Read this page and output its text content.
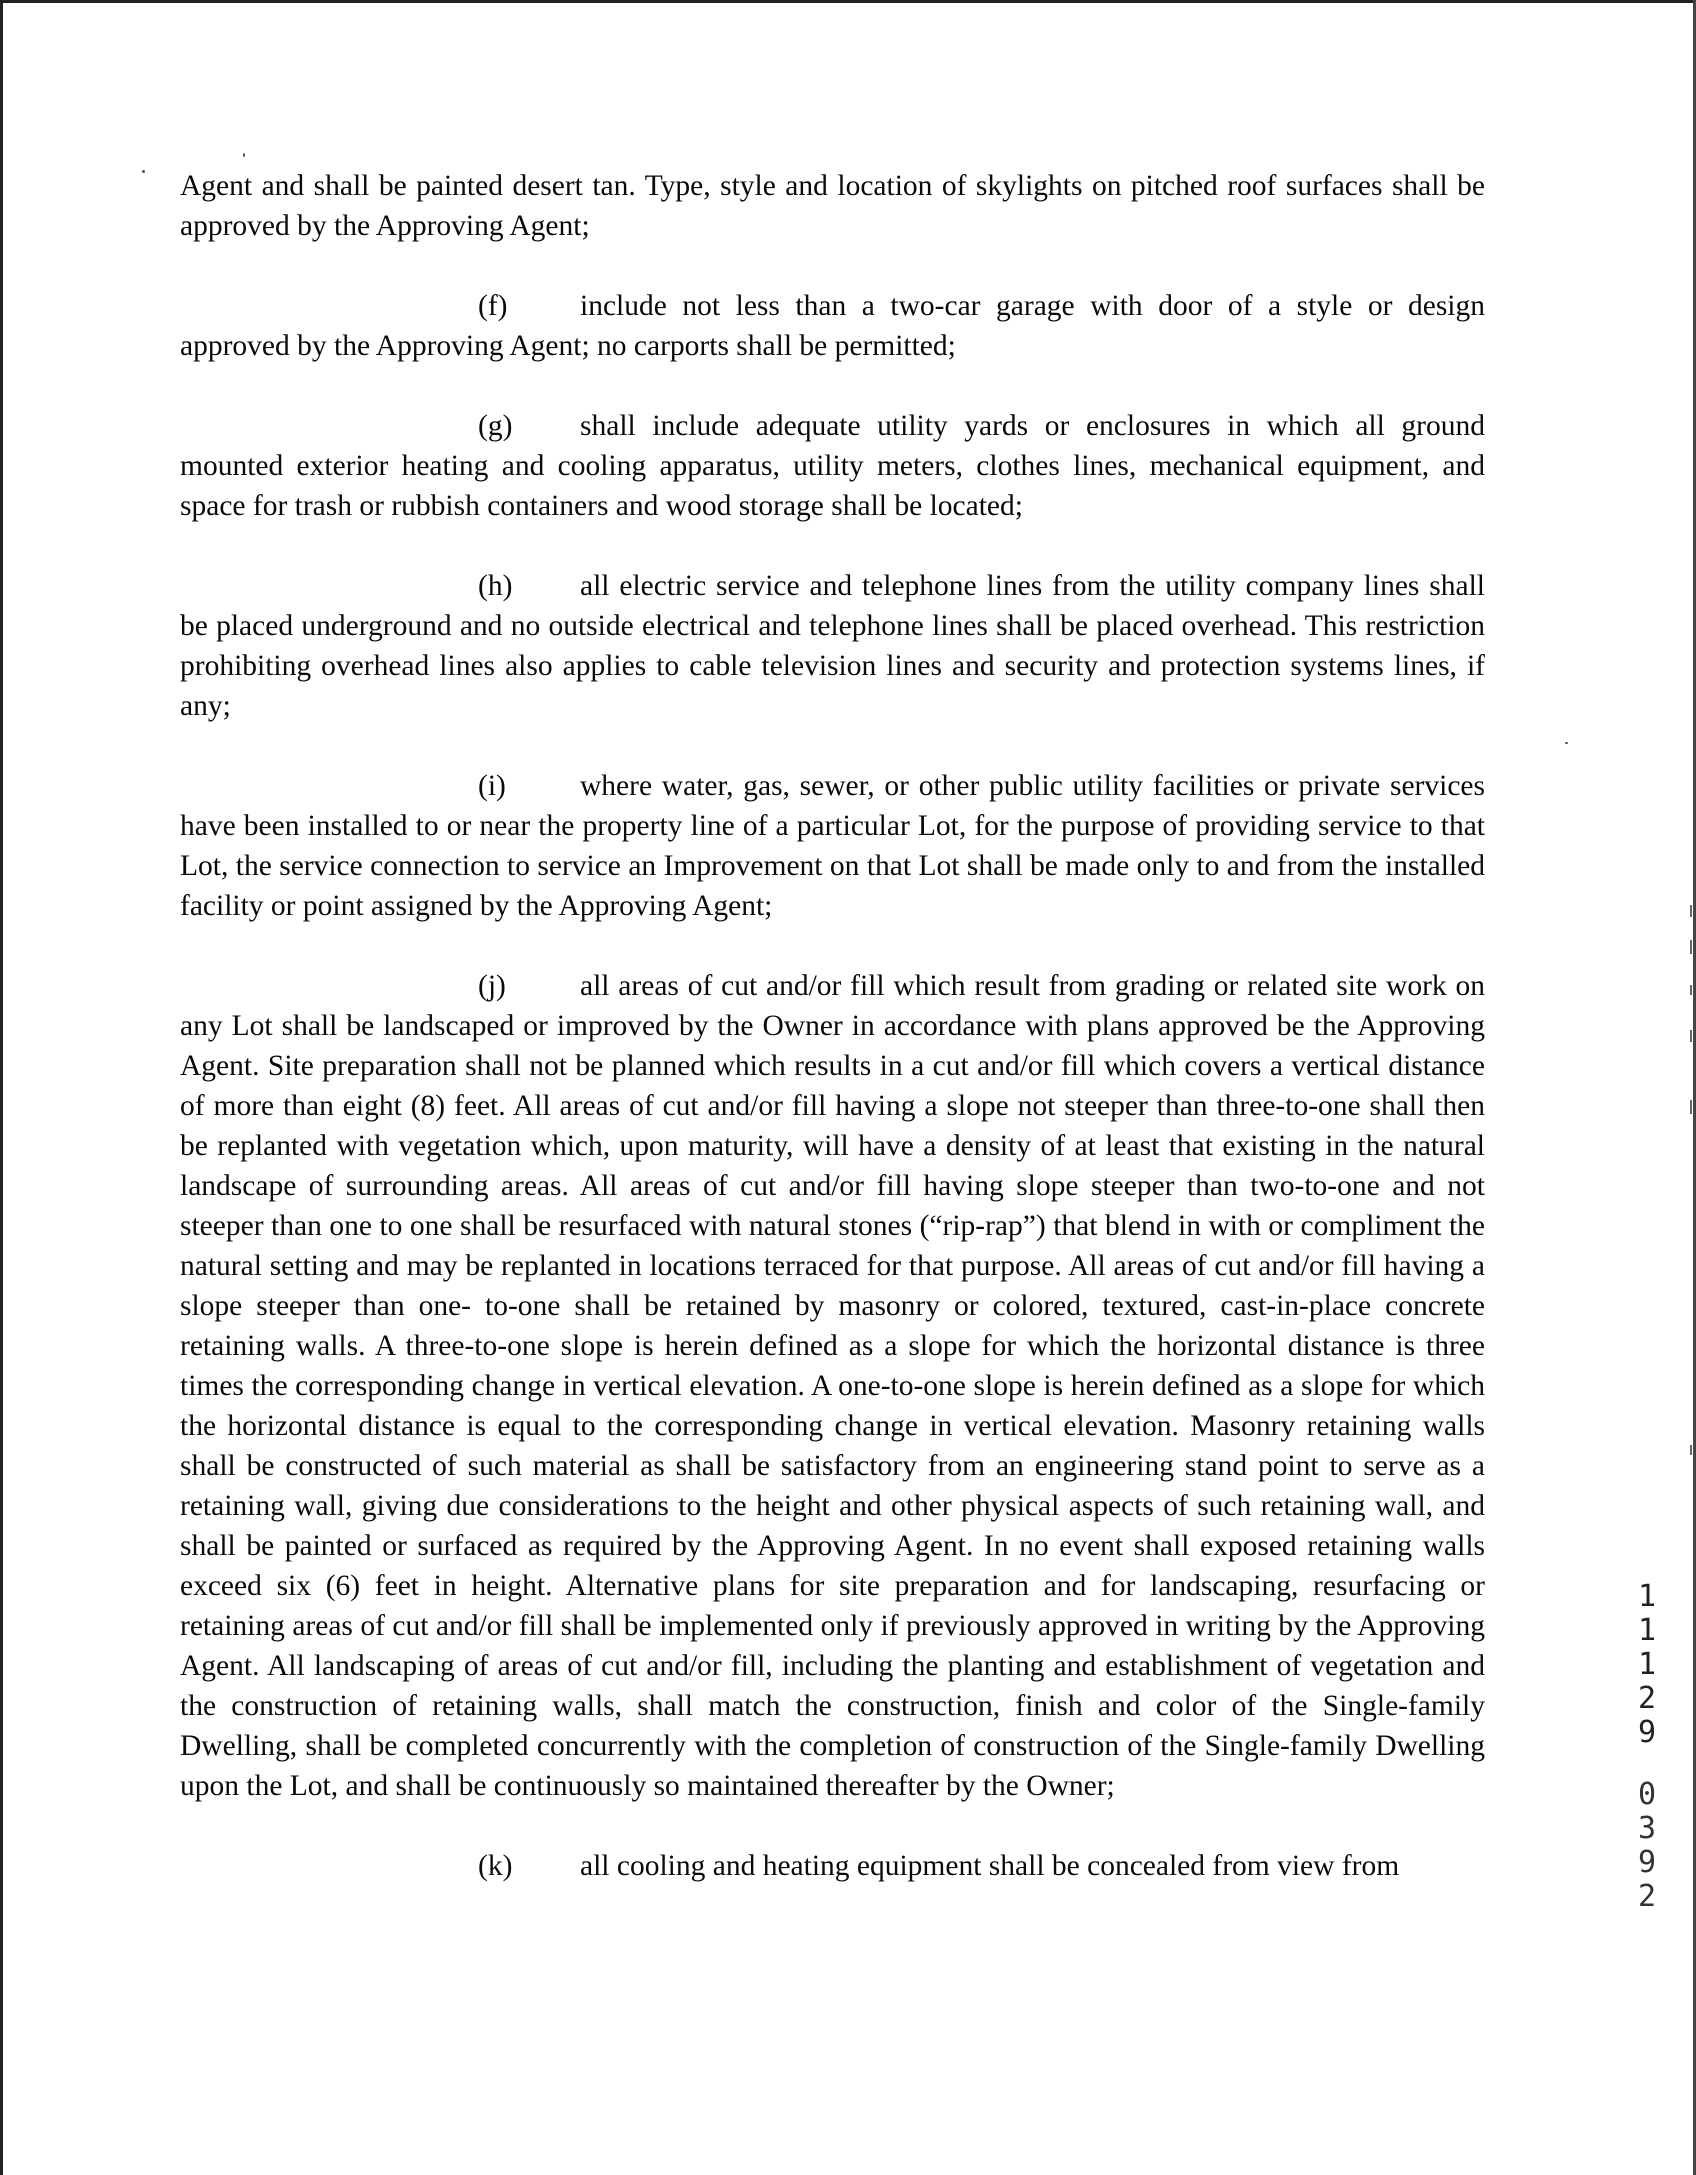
Agent and shall be painted desert tan. Type, style and location of skylights on pitched roof surfaces shall be approved by the Approving Agent;

(f) include not less than a two-car garage with door of a style or design approved by the Approving Agent; no carports shall be permitted;

(g) shall include adequate utility yards or enclosures in which all ground mounted exterior heating and cooling apparatus, utility meters, clothes lines, mechanical equipment, and space for trash or rubbish containers and wood storage shall be located;

(h) all electric service and telephone lines from the utility company lines shall be placed underground and no outside electrical and telephone lines shall be placed overhead. This restriction prohibiting overhead lines also applies to cable television lines and security and protection systems lines, if any;

(i)	where water, gas, sewer, or other public utility facilities or private services have been installed to or near the property line of a particular Lot, for the purpose of providing service to that Lot, the service connection to service an Improvement on that Lot shall be made only to and from the installed facility or point assigned by the Approving Agent;

(j)	all areas of cut and/or fill which result from grading or related site work on any Lot shall be landscaped or improved by the Owner in accordance with plans approved be the Approving Agent. Site preparation shall not be planned which results in a cut and/or fill which covers a vertical distance of more than eight (8) feet. All areas of cut and/or fill having a slope not steeper than three-to-one shall then be replanted with vegetation which, upon maturity, will have a density of at least that existing in the natural landscape of surrounding areas. All areas of cut and/or fill having slope steeper than two-to-one and not steeper than one to one shall be resurfaced with natural stones (“rip-rap”) that blend in with or compliment the natural setting and may be replanted in locations terraced for that purpose. All areas of cut and/or fill having a slope steeper than one- to-one shall be retained by masonry or colored, textured, cast-in-place concrete retaining walls. A three-to-one slope is herein defined as a slope for which the horizontal distance is three times the corresponding change in vertical elevation. A one-to-one slope is herein defined as a slope for which the horizontal distance is equal to the corresponding change in vertical elevation. Masonry retaining walls shall be constructed of such material as shall be satisfactory from an engineering stand point to serve as a retaining wall, giving due considerations to the height and other physical aspects of such retaining wall, and shall be painted or surfaced as required by the Approving Agent. In no event shall exposed retaining walls exceed six (6) feet in height. Alternative plans for site preparation and for landscaping, resurfacing or retaining areas of cut and/or fill shall be implemented only if previously approved in writing by the Approving Agent. All landscaping of areas of cut and/or fill, including the planting and establishment of vegetation and the construction of retaining walls, shall match the construction, finish and color of the Single-family Dwelling, shall be completed concurrently with the completion of construction of the Single-family Dwelling upon the Lot, and shall be continuously so maintained thereafter by the Owner;

(k) all cooling and heating equipment shall be concealed from view from

1
1
1
2
9
0
3
9
2
